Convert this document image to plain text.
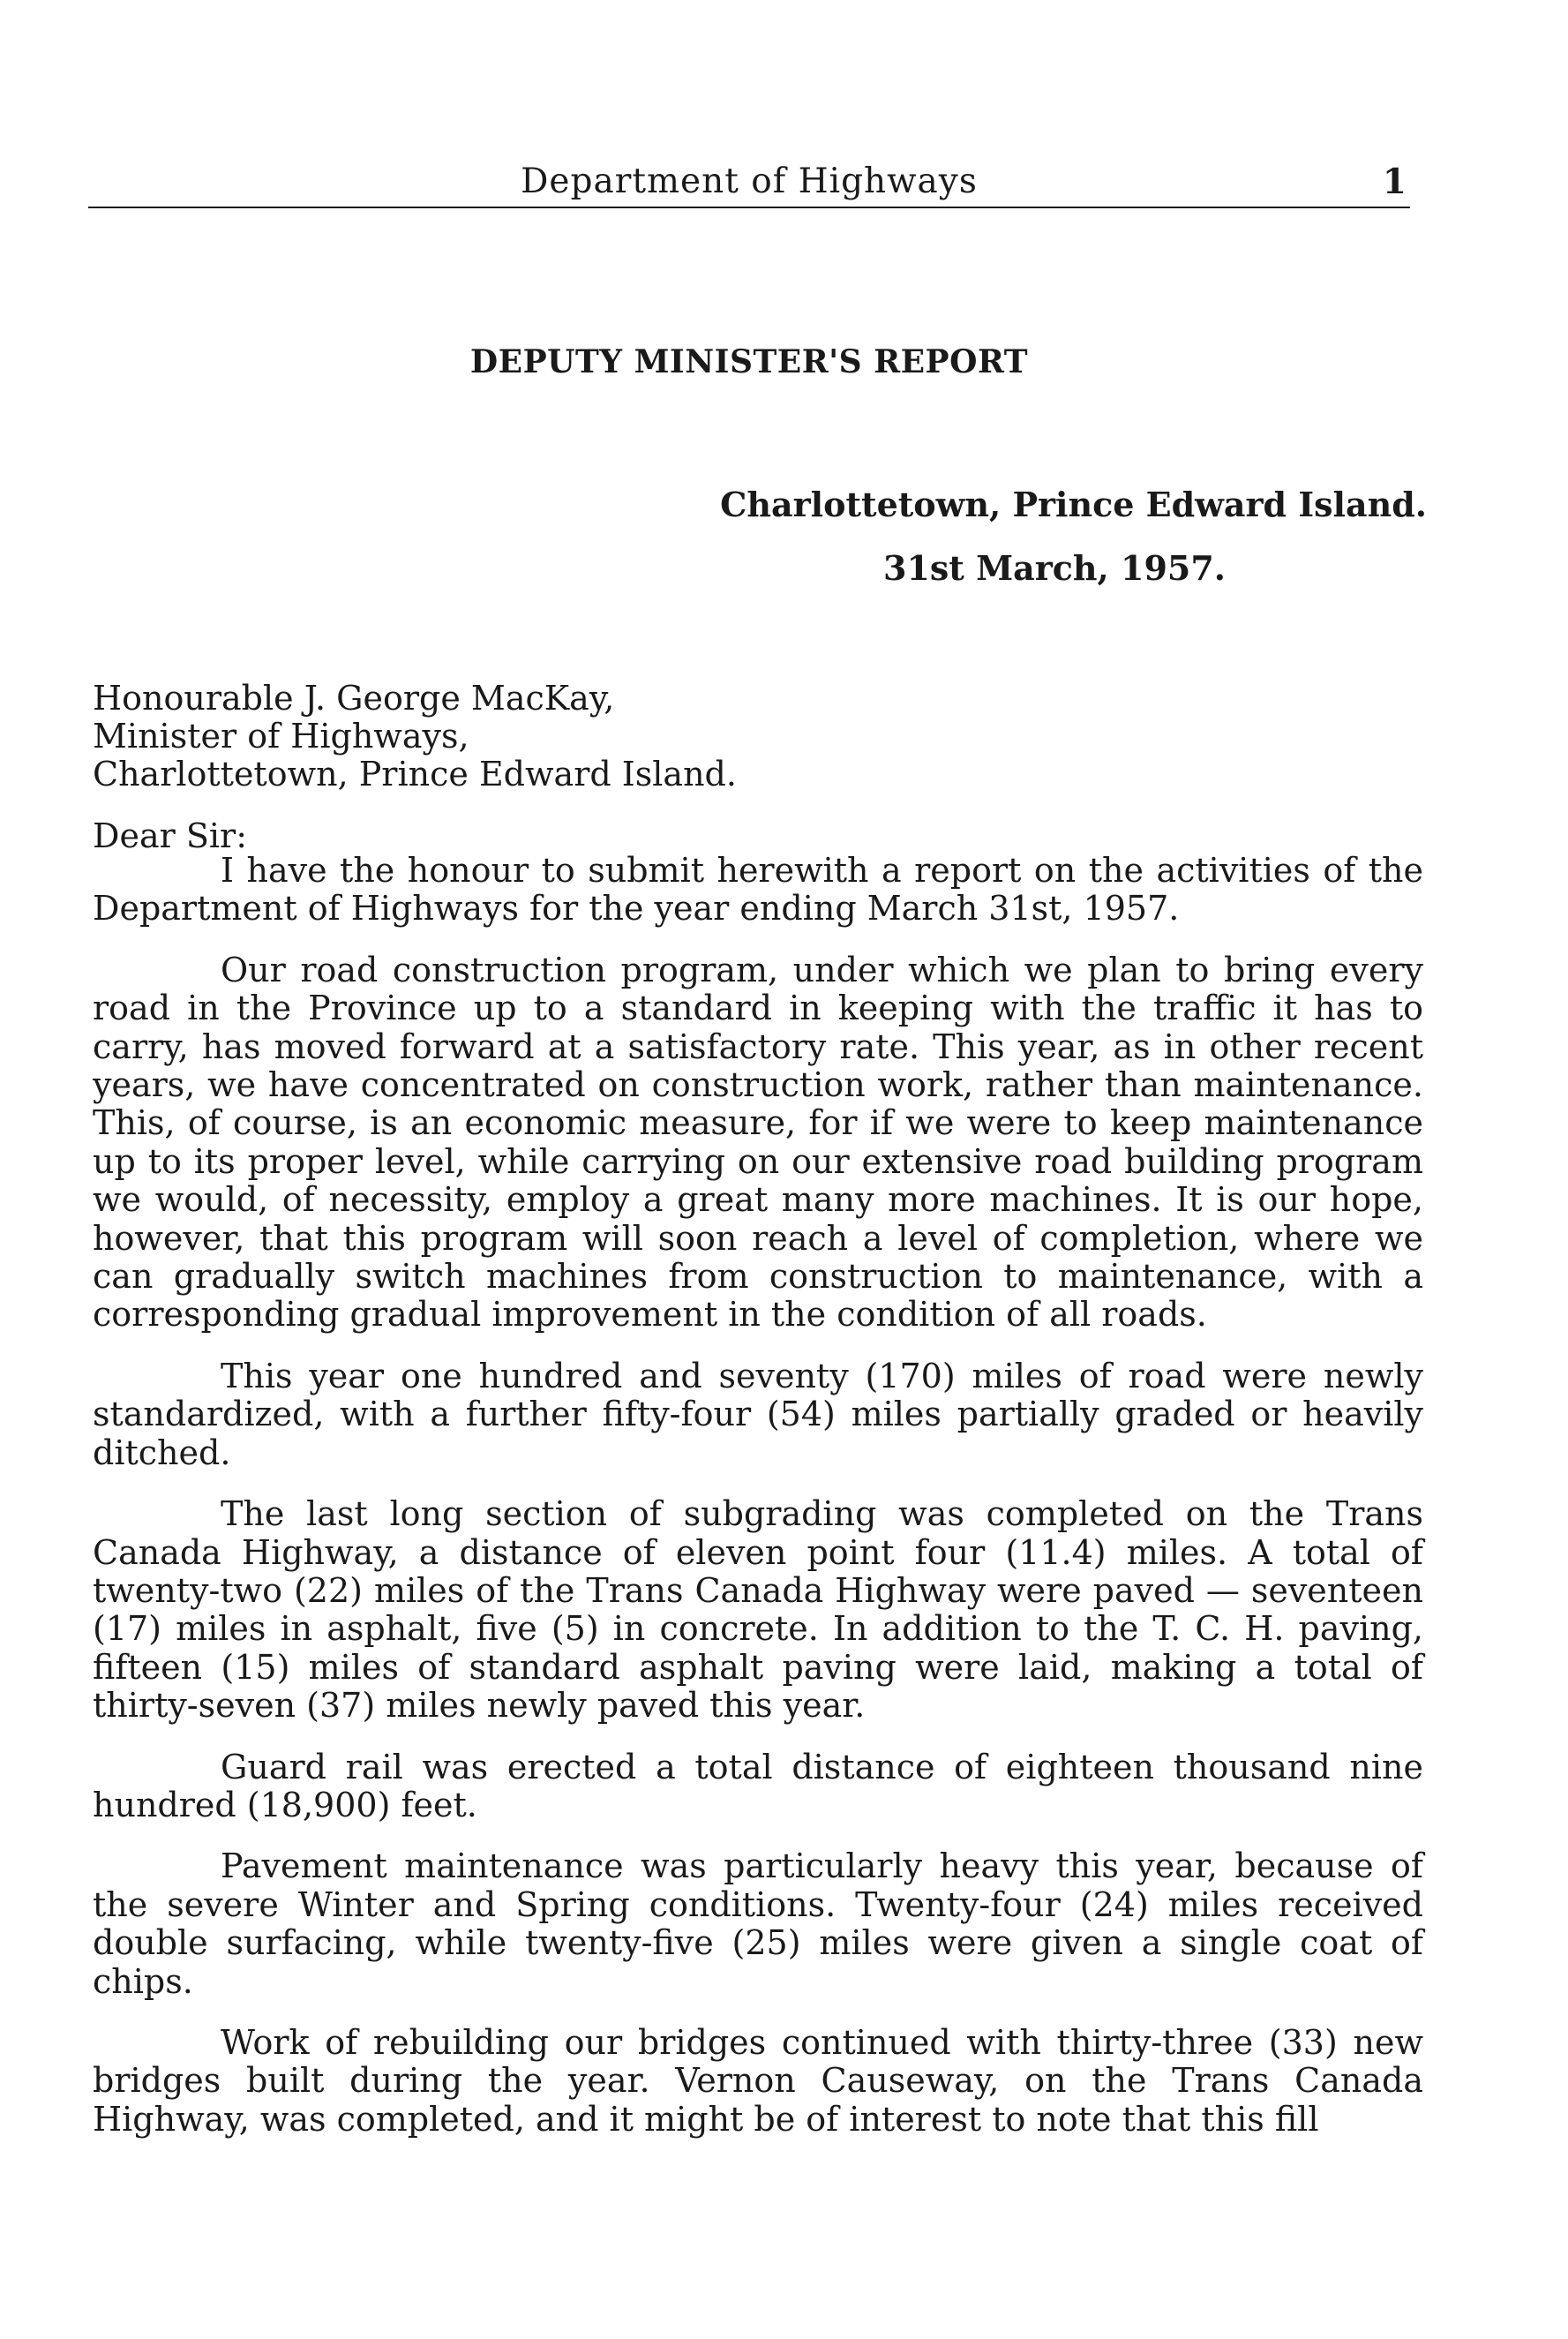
Department of Highways	1
DEPUTY MINISTER'S REPORT
Charlottetown, Prince Edward Island.
31st March, 1957.
Honourable J. George MacKay,
Minister of Highways,
Charlottetown, Prince Edward Island.
Dear Sir:

I have the honour to submit herewith a report on the activities of the Department of Highways for the year ending March 31st, 1957.

Our road construction program, under which we plan to bring every road in the Province up to a standard in keeping with the traffic it has to carry, has moved forward at a satisfactory rate. This year, as in other recent years, we have concentrated on construction work, rather than maintenance. This, of course, is an economic measure, for if we were to keep maintenance up to its proper level, while carrying on our extensive road building program we would, of necessity, employ a great many more machines. It is our hope, however, that this program will soon reach a level of completion, where we can gradually switch machines from construction to maintenance, with a corresponding gradual improvement in the condition of all roads.

This year one hundred and seventy (170) miles of road were newly standardized, with a further fifty-four (54) miles partially graded or heavily ditched.

The last long section of subgrading was completed on the Trans Canada Highway, a distance of eleven point four (11.4) miles. A total of twenty-two (22) miles of the Trans Canada Highway were paved — seventeen (17) miles in asphalt, five (5) in concrete. In addition to the T. C. H. paving, fifteen (15) miles of standard asphalt paving were laid, making a total of thirty-seven (37) miles newly paved this year.

Guard rail was erected a total distance of eighteen thousand nine hundred (18,900) feet.

Pavement maintenance was particularly heavy this year, because of the severe Winter and Spring conditions. Twenty-four (24) miles received double surfacing, while twenty-five (25) miles were given a single coat of chips.

Work of rebuilding our bridges continued with thirty-three (33) new bridges built during the year. Vernon Causeway, on the Trans Canada Highway, was completed, and it might be of interest to note that this fill
